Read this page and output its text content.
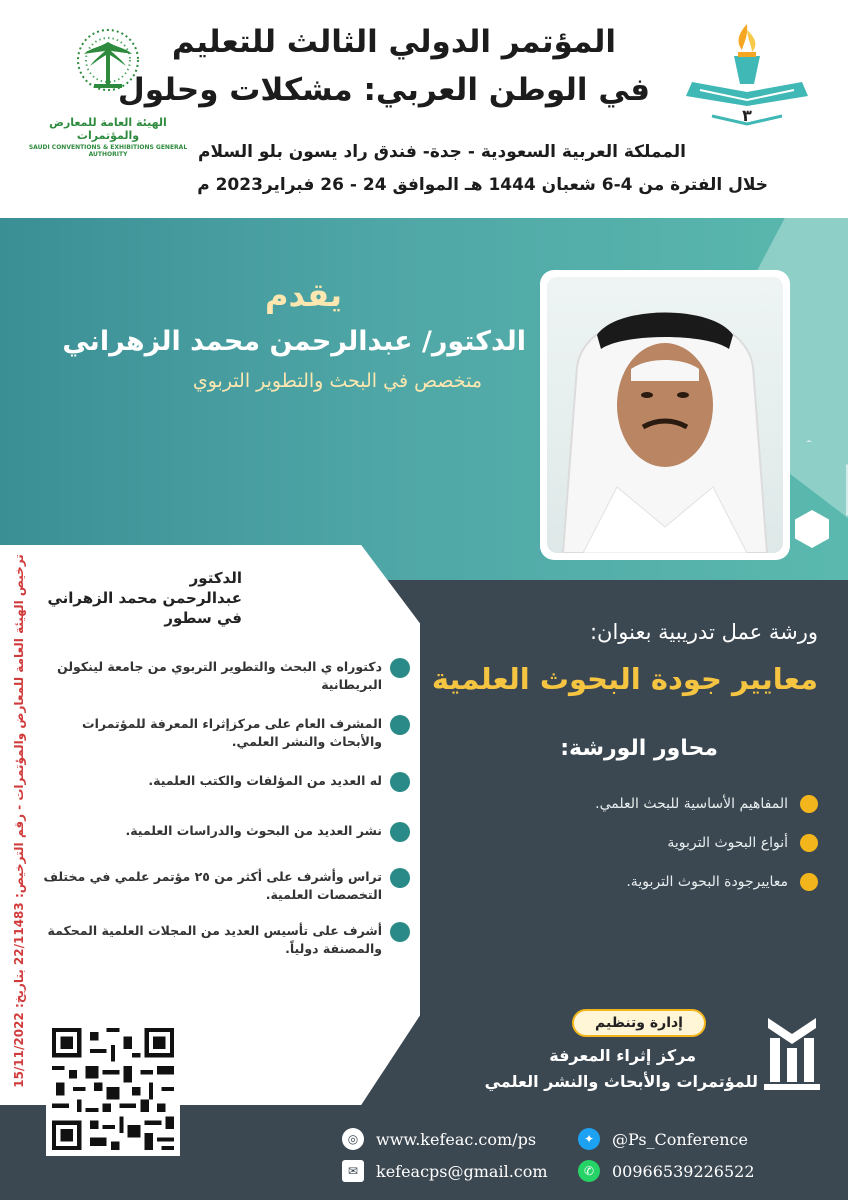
الهيئة العامة للمعارض والمؤتمرات
SAUDI CONVENTIONS & EXHIBITIONS GENERAL AUTHORITY
٣
المؤتمر الدولي الثالث للتعليم
في الوطن العربي: مشكلات وحلول
المملكة العربية السعودية - جدة- فندق راد يسون بلو السلام
خلال الفترة من 4-6 شعبان 1444 هـ الموافق 24 - 26 فبراير2023 م
يقدم
الدكتور/ عبدالرحمن محمد الزهراني
متخصص في البحث والتطوير التربوي
الدكتور
عبدالرحمن محمد الزهراني
في سطور
دكتوراه ي البحث والتطوير التربوي من جامعة لينكولن البريطانية
المشرف العام على مركزإثراء المعرفة للمؤتمرات والأبحاث والنشر العلمي.
له العديد من المؤلفات والكتب العلمية.
نشر العديد من البحوث والدراسات العلمية.
تراس وأشرف على أكثر من ٢٥ مؤتمر علمي في مختلف التخصصات العلمية.
أشرف على تأسيس العديد من المجلات العلمية المحكمة والمصنفة دولياً.
ترخيص الهيئة العامة للمعارض والمؤتمرات - رقم الترخيص: 22/11483 بتاريخ: 15/11/2022	ورشة عمل تدريبية بعنوان:
معايير جودة البحوث العلمية
محاور الورشة:
المفاهيم الأساسية للبحث العلمي.
أنواع البحوث التربوية
معاييرجودة البحوث التربوية.
إدارة وتنظيم
مركز إثراء المعرفة
للمؤتمرات والأبحاث والنشر العلمي
◎	www.kefeac.com/ps	✦	@Ps_Conference
✉	kefeacps@gmail.com	✆	00966539226522
